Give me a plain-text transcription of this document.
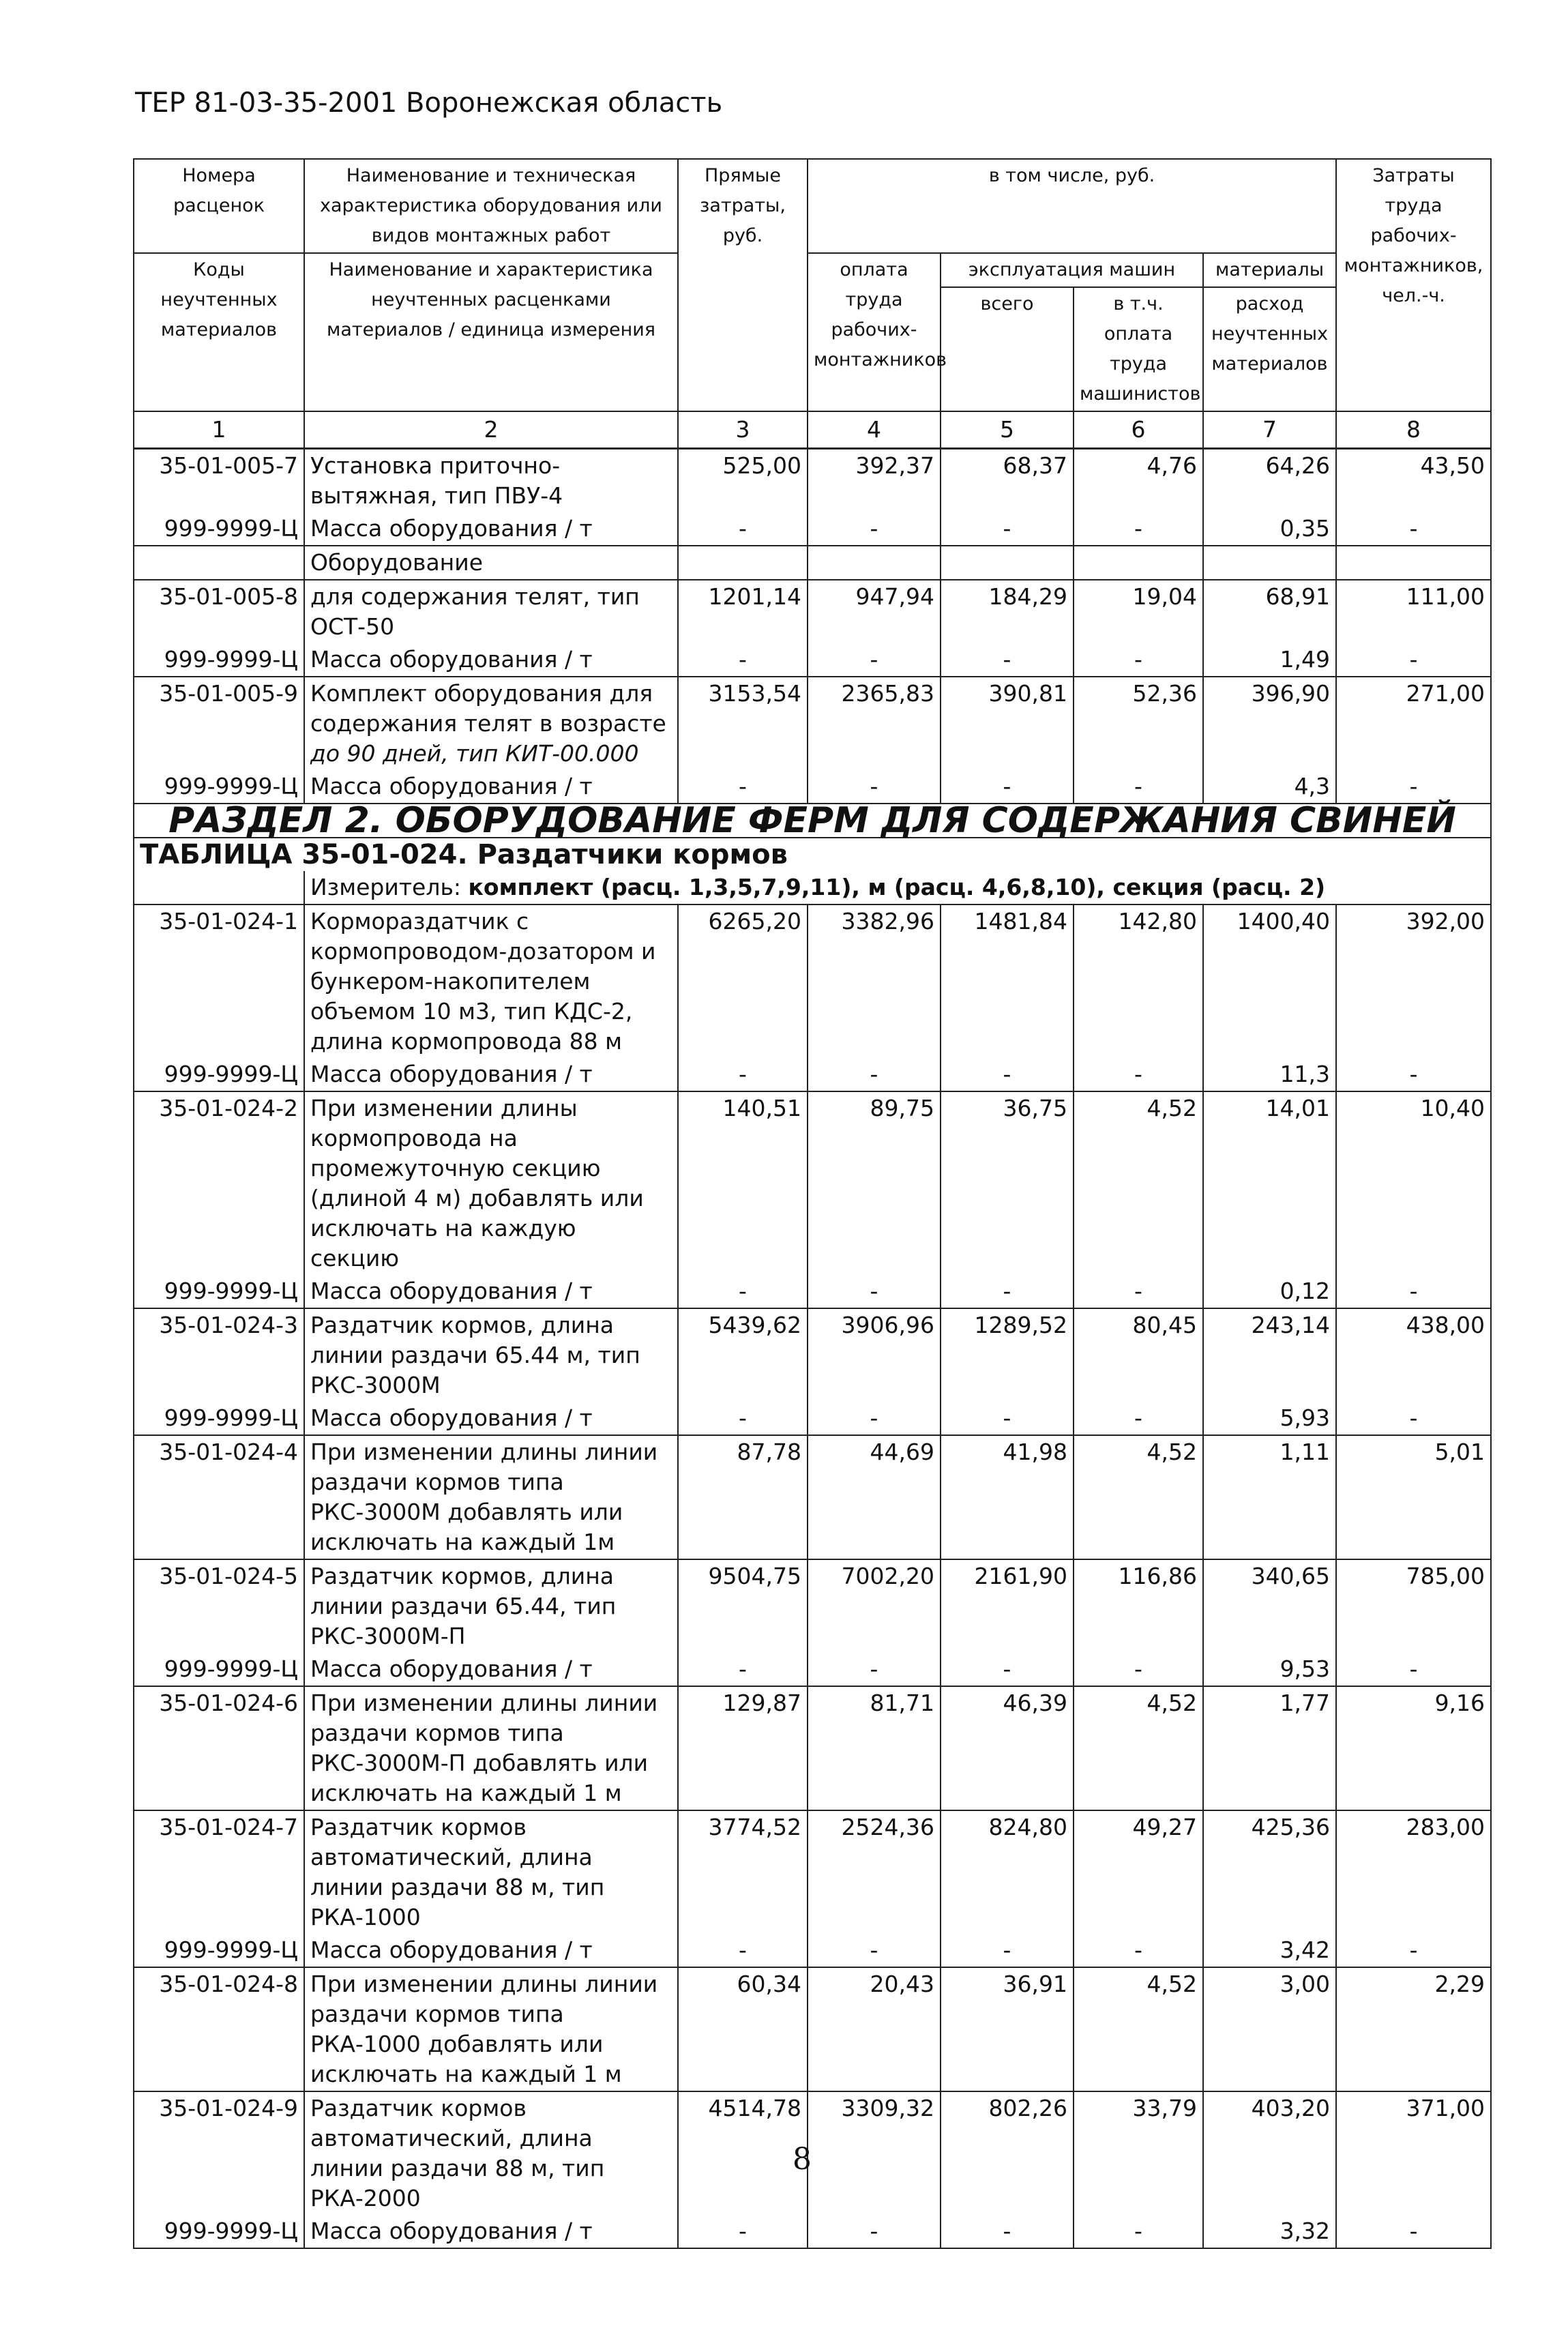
ТЕР 81-03-35-2001 Воронежская область
Номера расценок	Наименование и техническая характеристика оборудования или видов монтажных работ	Прямые затраты, руб.	в том числе, руб.				Затраты труда рабочих-монтажников, чел.-ч.
Коды неучтенных материалов	Наименование и характеристика неучтенных расценками материалов / единица измерения		оплата труда рабочих-монтажников	эксплуатация машин		материалы	
				всего	в т.ч. оплата труда машинистов	расход неучтенных материалов	
1	2	3	4	5	6	7	8
35-01-005-7	Установка приточно-вытяжная, тип ПВУ-4	525,00	392,37	68,37	4,76	64,26	43,50
999-9999-Ц	Масса оборудования / т	-	-	-	-	0,35	-
	Оборудование						
35-01-005-8	для содержания телят, тип ОСТ-50	1201,14	947,94	184,29	19,04	68,91	111,00
999-9999-Ц	Масса оборудования / т	-	-	-	-	1,49	-
35-01-005-9	Комплект оборудования для содержания телят в возрасте до 90 дней, тип КИТ-00.000	3153,54	2365,83	390,81	52,36	396,90	271,00
999-9999-Ц	Масса оборудования / т	-	-	-	-	4,3	-
РАЗДЕЛ 2. ОБОРУДОВАНИЕ ФЕРМ ДЛЯ СОДЕРЖАНИЯ СВИНЕЙ							
ТАБЛИЦА 35-01-024. Раздатчики кормов							
	Измеритель: комплект (расц. 1,3,5,7,9,11), м (расц. 4,6,8,10), секция (расц. 2)						
35-01-024-1	Кормораздатчик с кормопроводом-дозатором и бункером-накопителем объемом 10 м3, тип КДС-2, длина кормопровода 88 м	6265,20	3382,96	1481,84	142,80	1400,40	392,00
999-9999-Ц	Масса оборудования / т	-	-	-	-	11,3	-
35-01-024-2	При изменении длины кормопровода на промежуточную секцию (длиной 4 м) добавлять или исключать на каждую секцию	140,51	89,75	36,75	4,52	14,01	10,40
999-9999-Ц	Масса оборудования / т	-	-	-	-	0,12	-
35-01-024-3	Раздатчик кормов, длина линии раздачи 65.44 м, тип РКС-3000М	5439,62	3906,96	1289,52	80,45	243,14	438,00
999-9999-Ц	Масса оборудования / т	-	-	-	-	5,93	-
35-01-024-4	При изменении длины линии раздачи кормов типа РКС-3000М добавлять или исключать на каждый 1м	87,78	44,69	41,98	4,52	1,11	5,01
35-01-024-5	Раздатчик кормов, длина линии раздачи 65.44, тип РКС-3000М-П	9504,75	7002,20	2161,90	116,86	340,65	785,00
999-9999-Ц	Масса оборудования / т	-	-	-	-	9,53	-
35-01-024-6	При изменении длины линии раздачи кормов типа РКС-3000М-П добавлять или исключать на каждый 1 м	129,87	81,71	46,39	4,52	1,77	9,16
35-01-024-7	Раздатчик кормов автоматический, длина линии раздачи 88 м, тип РКА-1000	3774,52	2524,36	824,80	49,27	425,36	283,00
999-9999-Ц	Масса оборудования / т	-	-	-	-	3,42	-
35-01-024-8	При изменении длины линии раздачи кормов типа РКА-1000 добавлять или исключать на каждый 1 м	60,34	20,43	36,91	4,52	3,00	2,29
35-01-024-9	Раздатчик кормов автоматический, длина линии раздачи 88 м, тип РКА-2000	4514,78	3309,32	802,26	33,79	403,20	371,00
999-9999-Ц	Масса оборудования / т	-	-	-	-	3,32	-
8
